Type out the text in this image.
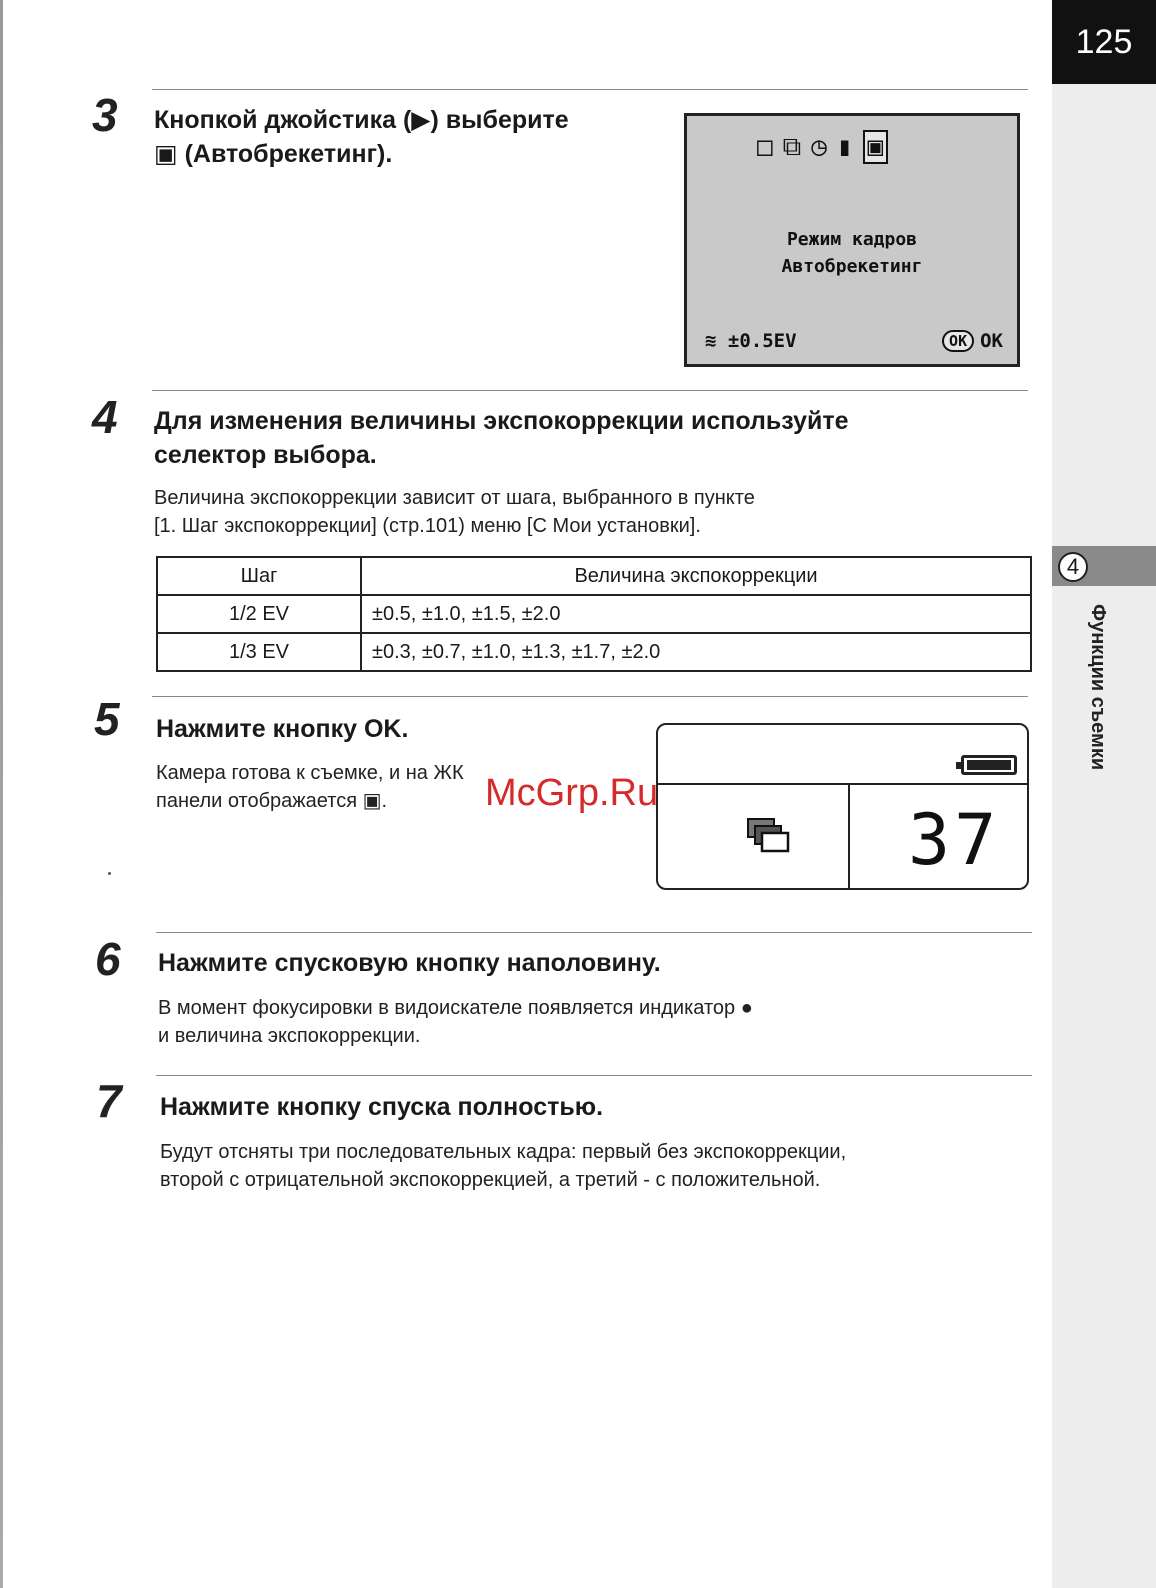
125
4
Функции съемки
3 Кнопкой джойстика (▶) выберите
▣ (Автобрекетинг).	□ ⧉ ◷ ▮ ▣
Режим кадров
Автобрекетинг
≋ ±0.5EV	OK OK
4 Для изменения величины экспокоррекции используйте
селектор выбора.
Величина экспокоррекции зависит от шага, выбранного в пункте
[1. Шаг экспокоррекции] (стр.101) меню [C Мои установки].
Шаг	Величина экспокоррекции
1/2 EV	±0.5, ±1.0, ±1.5, ±2.0
1/3 EV	±0.3, ±0.7, ±1.0, ±1.3, ±1.7, ±2.0
5 Нажмите кнопку OK.
Камера готова к съемке, и на ЖК
панели отображается ▣.	37
McGrp.Ru
6 Нажмите спусковую кнопку наполовину.
В момент фокусировки в видоискателе появляется индикатор ●
и величина экспокоррекции.
7 Нажмите кнопку спуска полностью.
Будут отсняты три последовательных кадра: первый без экспокоррекции,
второй с отрицательной экспокоррекцией, а третий - с положительной.
